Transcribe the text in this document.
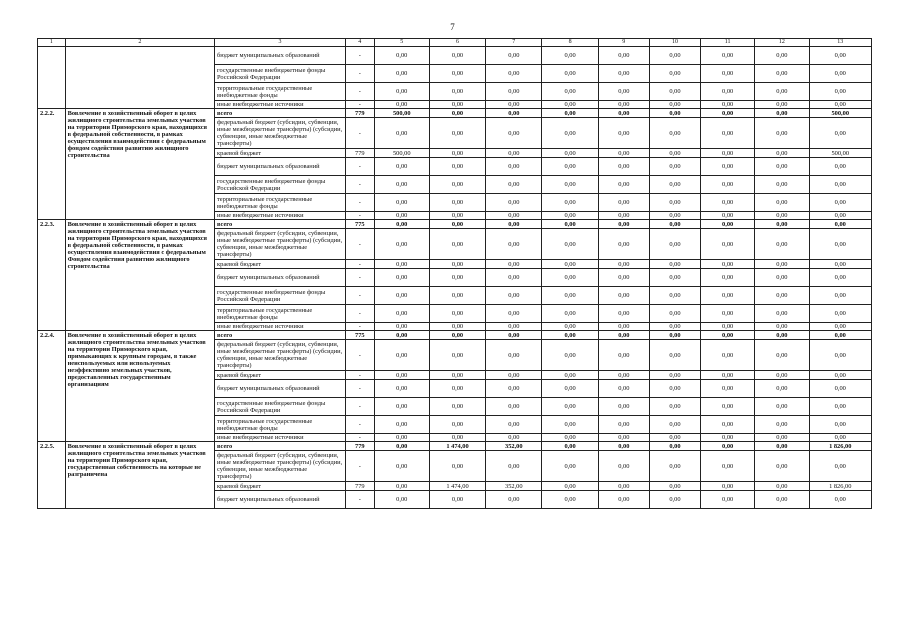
7
1	2	3	4	5	6	7	8	9	10	11	12	13
		бюджет муниципальных образований	-	0,00	0,00	0,00	0,00	0,00	0,00	0,00	0,00	0,00
		государственные внебюджетные фонды Российской Федерации	-	0,00	0,00	0,00	0,00	0,00	0,00	0,00	0,00	0,00
		территориальные государственные внебюджетные фонды	-	0,00	0,00	0,00	0,00	0,00	0,00	0,00	0,00	0,00
		иные внебюджетные источники	-	0,00	0,00	0,00	0,00	0,00	0,00	0,00	0,00	0,00
2.2.2.	Вовлечение в хозяйственный оборот в целях жилищного строительства земельных участков на территории Приморского края, находящихся в федеральной собственности, в рамках осуществления взаимодействия с федеральным фондом содействия развитию жилищного строительства	всего	779	500,00	0,00	0,00	0,00	0,00	0,00	0,00	0,00	500,00
		федеральный бюджет (субсидии, субвенции, иные межбюджетные трансферты) (субсидии, субвенции, иные межбюджетные трансферты)	-	0,00	0,00	0,00	0,00	0,00	0,00	0,00	0,00	0,00
		краевой бюджет	779	500,00	0,00	0,00	0,00	0,00	0,00	0,00	0,00	500,00
		бюджет муниципальных образований	-	0,00	0,00	0,00	0,00	0,00	0,00	0,00	0,00	0,00
		государственные внебюджетные фонды Российской Федерации	-	0,00	0,00	0,00	0,00	0,00	0,00	0,00	0,00	0,00
		территориальные государственные внебюджетные фонды	-	0,00	0,00	0,00	0,00	0,00	0,00	0,00	0,00	0,00
		иные внебюджетные источники	-	0,00	0,00	0,00	0,00	0,00	0,00	0,00	0,00	0,00
2.2.3.	Вовлечение в хозяйственный оборот в целях жилищного строительства земельных участков на территории Приморского края, находящихся в федеральной собственности, в рамках осуществления взаимодействия с федеральным Фондом содействия развитию жилищного строительства	всего	775	0,00	0,00	0,00	0,00	0,00	0,00	0,00	0,00	0,00
		федеральный бюджет (субсидии, субвенции, иные межбюджетные трансферты) (субсидии, субвенции, иные межбюджетные трансферты)	-	0,00	0,00	0,00	0,00	0,00	0,00	0,00	0,00	0,00
		краевой бюджет	-	0,00	0,00	0,00	0,00	0,00	0,00	0,00	0,00	0,00
		бюджет муниципальных образований	-	0,00	0,00	0,00	0,00	0,00	0,00	0,00	0,00	0,00
		государственные внебюджетные фонды Российской Федерации	-	0,00	0,00	0,00	0,00	0,00	0,00	0,00	0,00	0,00
		территориальные государственные внебюджетные фонды	-	0,00	0,00	0,00	0,00	0,00	0,00	0,00	0,00	0,00
		иные внебюджетные источники	-	0,00	0,00	0,00	0,00	0,00	0,00	0,00	0,00	0,00
2.2.4.	Вовлечение в хозяйственный оборот в целях жилищного строительства земельных участков на территории Приморского края, примыкающих к крупным городам, в также неиспользуемых или используемых неэффективно земельных участков, предоставленных государственным организациям	всего	775	0,00	0,00	0,00	0,00	0,00	0,00	0,00	0,00	0,00
		федеральный бюджет (субсидии, субвенции, иные межбюджетные трансферты) (субсидии, субвенции, иные межбюджетные трансферты)	-	0,00	0,00	0,00	0,00	0,00	0,00	0,00	0,00	0,00
		краевой бюджет	-	0,00	0,00	0,00	0,00	0,00	0,00	0,00	0,00	0,00
		бюджет муниципальных образований	-	0,00	0,00	0,00	0,00	0,00	0,00	0,00	0,00	0,00
		государственные внебюджетные фонды Российской Федерации	-	0,00	0,00	0,00	0,00	0,00	0,00	0,00	0,00	0,00
		территориальные государственные внебюджетные фонды	-	0,00	0,00	0,00	0,00	0,00	0,00	0,00	0,00	0,00
		иные внебюджетные источники	-	0,00	0,00	0,00	0,00	0,00	0,00	0,00	0,00	0,00
2.2.5.	Вовлечение в хозяйственный оборот в целях жилищного строительства земельных участков на территории Приморского края, государственная собственность на которые не разграничена	всего	779	0,00	1 474,00	352,00	0,00	0,00	0,00	0,00	0,00	1 826,00
		федеральный бюджет (субсидии, субвенции, иные межбюджетные трансферты) (субсидии, субвенции, иные межбюджетные трансферты)	-	0,00	0,00	0,00	0,00	0,00	0,00	0,00	0,00	0,00
		краевой бюджет	779	0,00	1 474,00	352,00	0,00	0,00	0,00	0,00	0,00	1 826,00
		бюджет муниципальных образований	-	0,00	0,00	0,00	0,00	0,00	0,00	0,00	0,00	0,00
